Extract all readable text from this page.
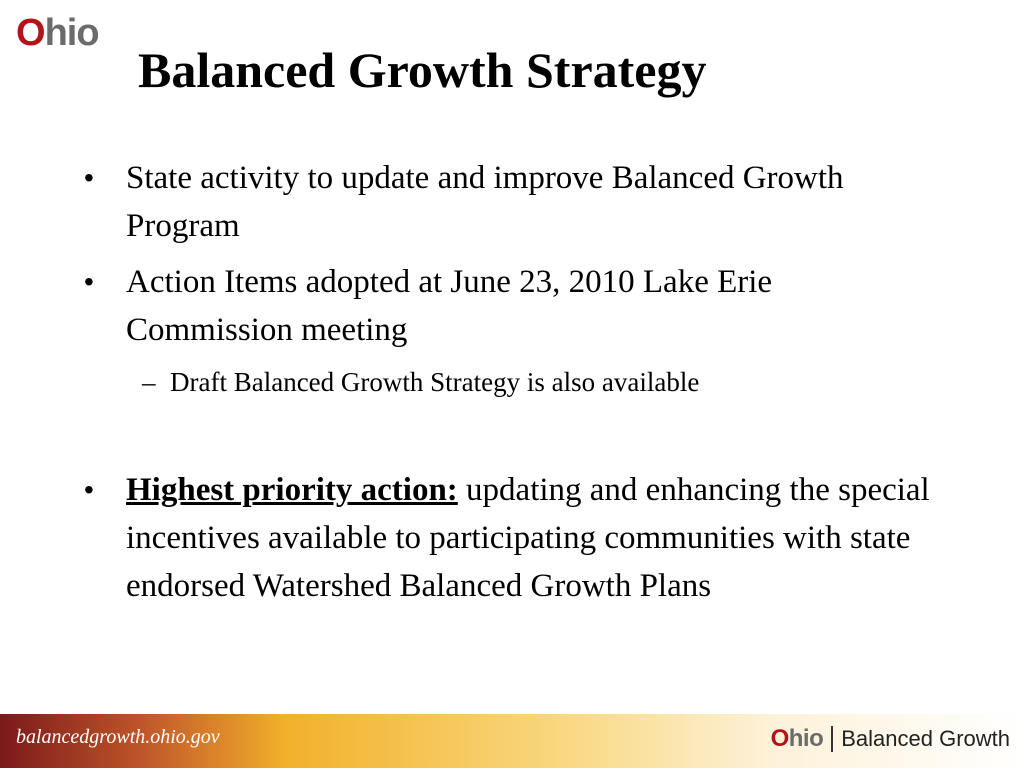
Ohio
Balanced Growth Strategy
• State activity to update and improve Balanced Growth Program
• Action Items adopted at June 23, 2010 Lake Erie Commission meeting
– Draft Balanced Growth Strategy is also available
• Highest priority action: updating and enhancing the special incentives available to participating communities with state endorsed Watershed Balanced Growth Plans
balancedgrowth.ohio.gov	Ohio Balanced Growth
